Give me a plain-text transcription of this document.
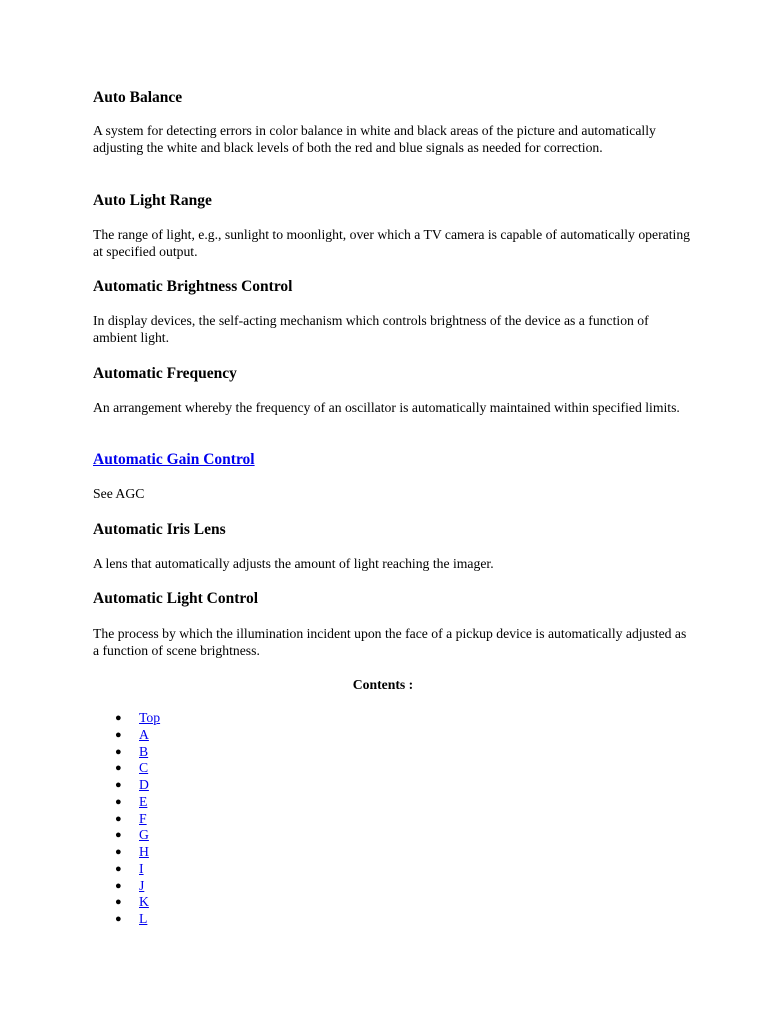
Auto Balance

A system for detecting errors in color balance in white and black areas of the picture and automatically adjusting the white and black levels of both the red and blue signals as needed for correction.

Auto Light Range

The range of light, e.g., sunlight to moonlight, over which a TV camera is capable of automatically operating at specified output.

Automatic Brightness Control

In display devices, the self-acting mechanism which controls brightness of the device as a function of ambient light.

Automatic Frequency

An arrangement whereby the frequency of an oscillator is automatically maintained within specified limits.

Automatic Gain Control

See AGC

Automatic Iris Lens

A lens that automatically adjusts the amount of light reaching the imager.

Automatic Light Control

The process by which the illumination incident upon the face of a pickup device is automatically adjusted as a function of scene brightness.

Contents :

● Top
● A
● B
● C
● D
● E
● F
● G
● H
● I
● J
● K
● L
